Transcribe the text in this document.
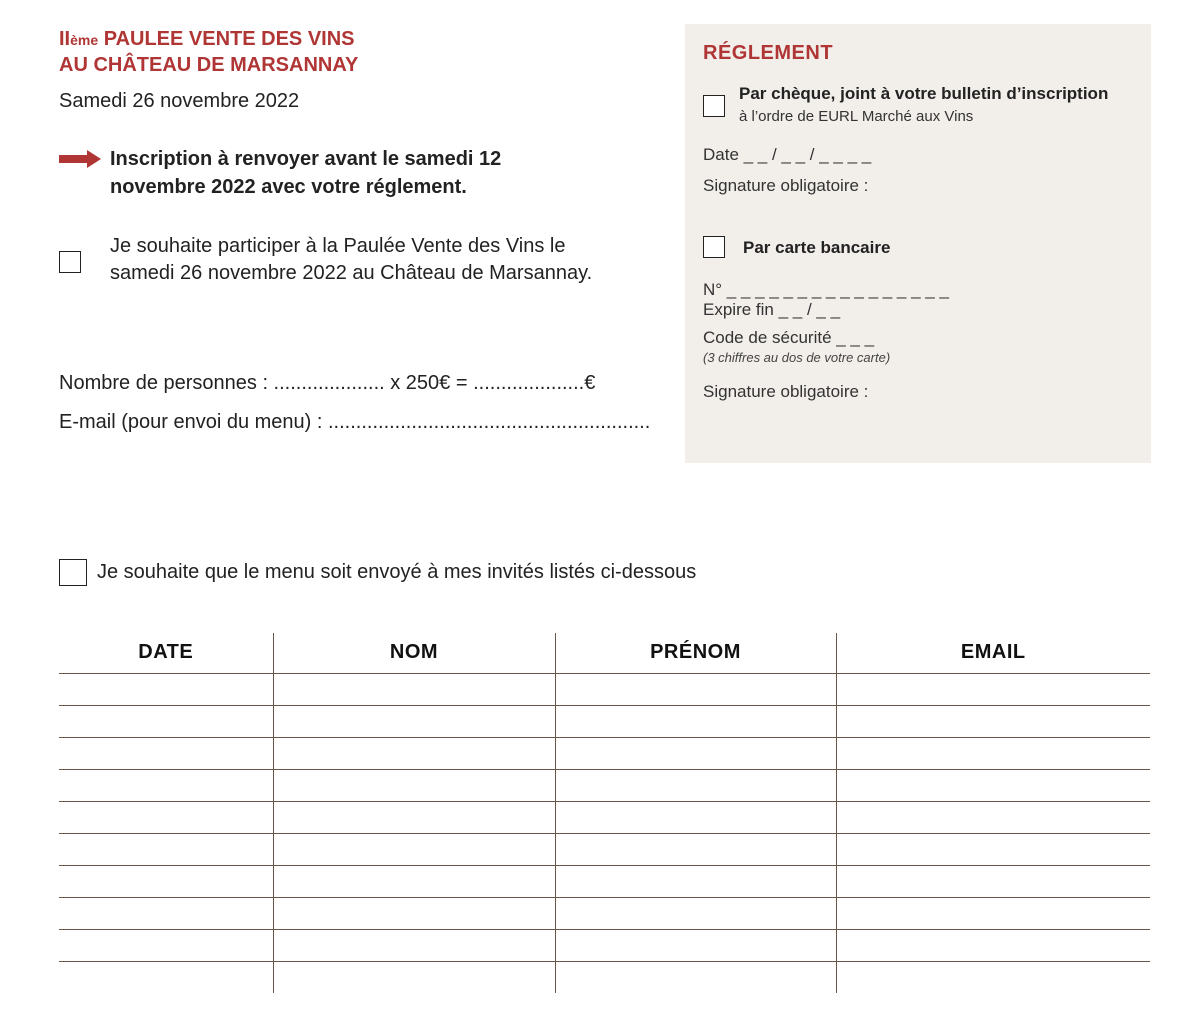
IIème PAULEE VENTE DES VINS
AU CHÂTEAU DE MARSANNAY
Samedi 26 novembre 2022
Inscription à renvoyer avant le samedi 12 novembre 2022 avec votre réglement.
Je souhaite participer à la Paulée Vente des Vins le samedi 26 novembre 2022 au Château de Marsannay.
Nombre de personnes : .................... x 250€ = ....................€
E-mail (pour envoi du menu) : ..........................................................
RÉGLEMENT
Par chèque, joint à votre bulletin d’inscription
à l’ordre de EURL Marché aux Vins
Date _ _ / _ _ / _ _ _ _
Signature obligatoire :
Par carte bancaire
N° _ _ _ _ _ _ _ _ _ _ _ _ _ _ _ _
Expire fin _ _ / _ _
Code de sécurité _ _ _
(3 chiffres au dos de votre carte)
Signature obligatoire :
Je souhaite que le menu soit envoyé à mes invités listés ci-dessous
DATE	NOM	PRÉNOM	EMAIL
